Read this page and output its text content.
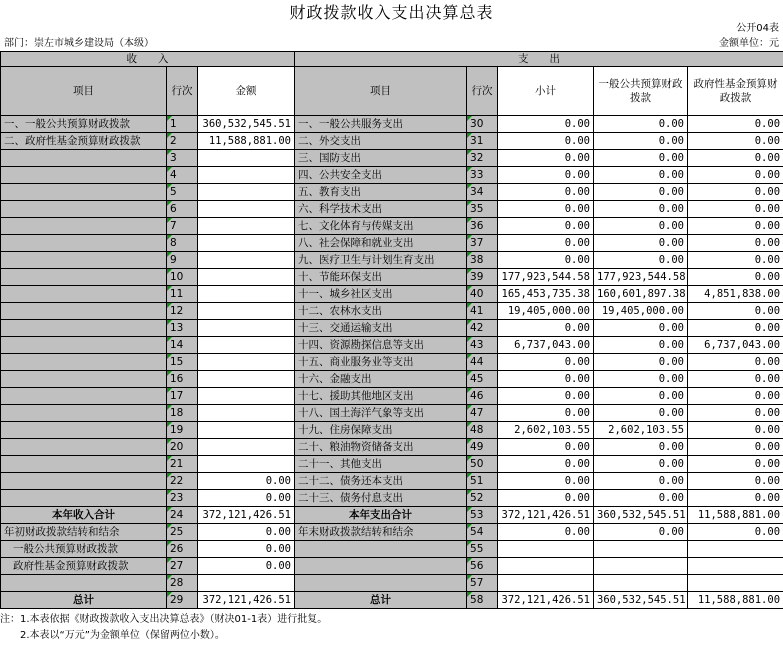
财政拨款收入支出决算总表
公开04表
部门：崇左市城乡建设局（本级）	金额单位：元
收　　入			支　　出				
项目	行次	金额	项目	行次	小计	一般公共预算财政拨款	政府性基金预算财政拨款
一、一般公共预算财政拨款	1	360,532,545.51	一、一般公共服务支出	30	0.00	0.00	0.00
二、政府性基金预算财政拨款	2	11,588,881.00	二、外交支出	31	0.00	0.00	0.00
	3		三、国防支出	32	0.00	0.00	0.00
	4		四、公共安全支出	33	0.00	0.00	0.00
	5		五、教育支出	34	0.00	0.00	0.00
	6		六、科学技术支出	35	0.00	0.00	0.00
	7		七、文化体育与传媒支出	36	0.00	0.00	0.00
	8		八、社会保障和就业支出	37	0.00	0.00	0.00
	9		九、医疗卫生与计划生育支出	38	0.00	0.00	0.00
	10		十、节能环保支出	39	177,923,544.58	177,923,544.58	0.00
	11		十一、城乡社区支出	40	165,453,735.38	160,601,897.38	4,851,838.00
	12		十二、农林水支出	41	19,405,000.00	19,405,000.00	0.00
	13		十三、交通运输支出	42	0.00	0.00	0.00
	14		十四、资源勘探信息等支出	43	6,737,043.00	0.00	6,737,043.00
	15		十五、商业服务业等支出	44	0.00	0.00	0.00
	16		十六、金融支出	45	0.00	0.00	0.00
	17		十七、援助其他地区支出	46	0.00	0.00	0.00
	18		十八、国土海洋气象等支出	47	0.00	0.00	0.00
	19		十九、住房保障支出	48	2,602,103.55	2,602,103.55	0.00
	20		二十、粮油物资储备支出	49	0.00	0.00	0.00
	21		二十一、其他支出	50	0.00	0.00	0.00
	22	0.00	二十二、债务还本支出	51	0.00	0.00	0.00
	23	0.00	二十三、债务付息支出	52	0.00	0.00	0.00
本年收入合计	24	372,121,426.51	本年支出合计	53	372,121,426.51	360,532,545.51	11,588,881.00
年初财政拨款结转和结余	25	0.00	年末财政拨款结转和结余	54	0.00	0.00	0.00
一般公共预算财政拨款	26	0.00		55			
政府性基金预算财政拨款	27	0.00		56			
	28			57			
总计	29	372,121,426.51	总计	58	372,121,426.51	360,532,545.51	11,588,881.00
注：1.本表依据《财政拨款收入支出决算总表》（财决01-1表）进行批复。
　　2.本表以“万元”为金额单位（保留两位小数）。
